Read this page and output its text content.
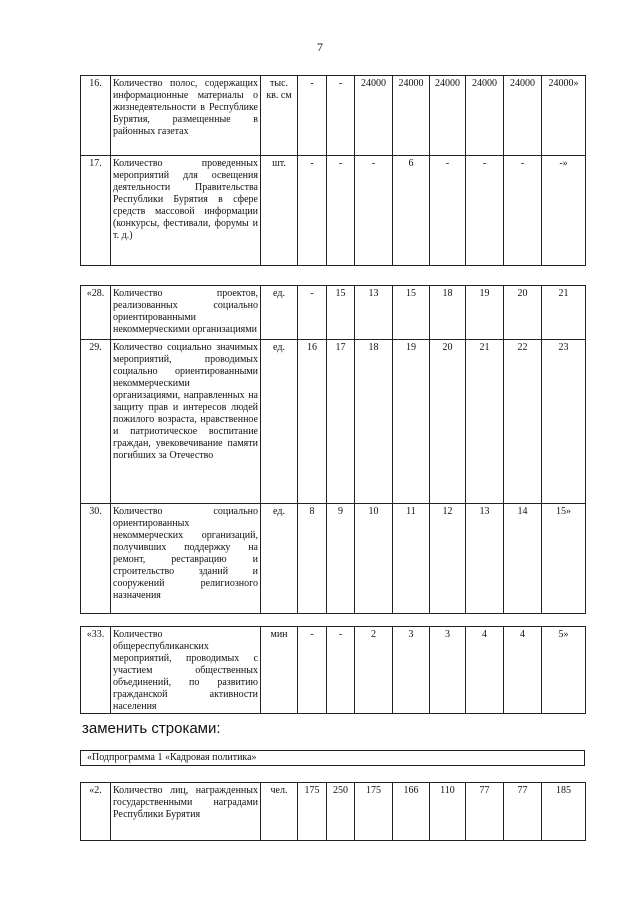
7
16.	Количество полос, содержащих информационные материалы о жизнедеятельности в Республике Бурятия, размещенные в районных газетах	тыс. кв. см	-	-	24000	24000	24000	24000	24000	24000»
17.	Количество проведенных мероприятий для освещения деятельности Правительства Республики Бурятия в сфере средств массовой информации (конкурсы, фестивали, форумы и т. д.)	шт.	-	-	-	6	-	-	-	-»
«28.	Количество проектов, реализованных социально ориентированными некоммерческими организациями	ед.	-	15	13	15	18	19	20	21
29.	Количество социально значимых мероприятий, проводимых социально ориентированными некоммерческими организациями, направленных на защиту прав и интересов людей пожилого возраста, нравственное и патриотическое воспитание граждан, увековечивание памяти погибших за Отечество	ед.	16	17	18	19	20	21	22	23
30.	Количество социально ориентированных некоммерческих организаций, получивших поддержку на ремонт, реставрацию и строительство зданий и сооружений религиозного назначения	ед.	8	9	10	11	12	13	14	15»
«33.	Количество общереспубликанских мероприятий, проводимых с участием общественных объединений, по развитию гражданской активности населения	мин	-	-	2	3	3	4	4	5»
заменить строками:
«Подпрограмма 1 «Кадровая политика»
«2.	Количество лиц, награжденных государственными наградами Республики Бурятия	чел.	175	250	175	166	110	77	77	185
